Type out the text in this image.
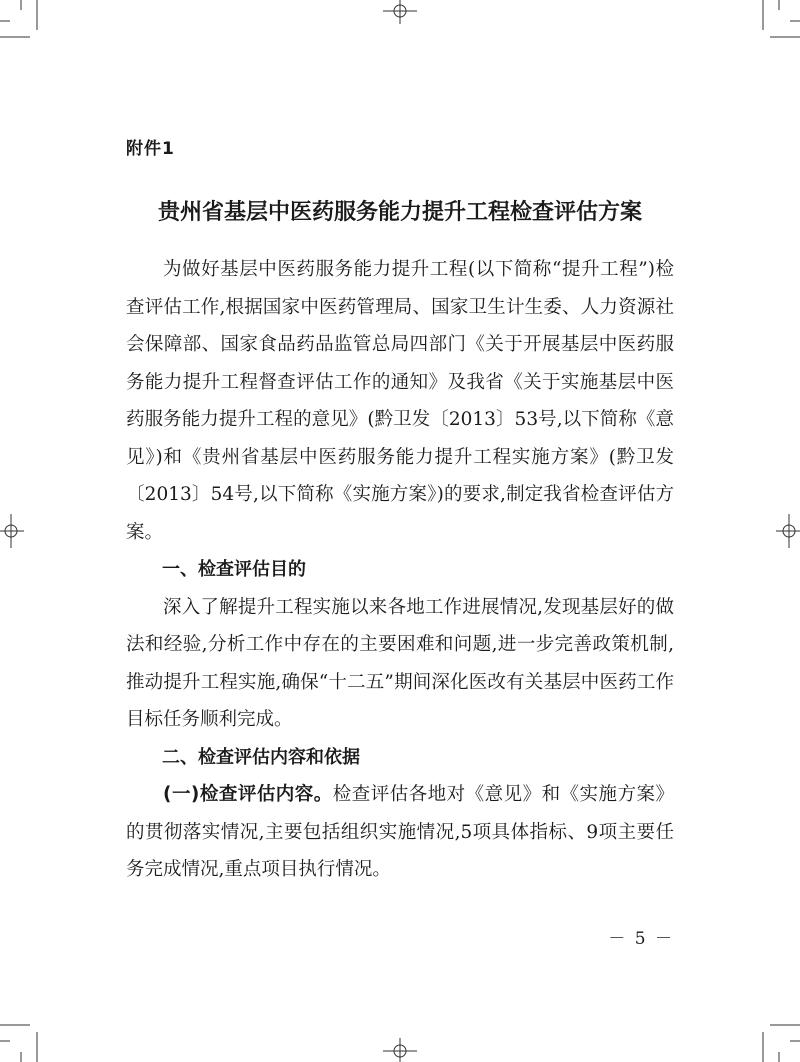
附件1
贵州省基层中医药服务能力提升工程检查评估方案

为做好基层中医药服务能力提升工程(以下简称“提升工程”)检查评估工作,根据国家中医药管理局、国家卫生计生委、人力资源社会保障部、国家食品药品监管总局四部门《关于开展基层中医药服务能力提升工程督查评估工作的通知》及我省《关于实施基层中医药服务能力提升工程的意见》(黔卫发〔2013〕53号,以下简称《意见》)和《贵州省基层中医药服务能力提升工程实施方案》(黔卫发〔2013〕54号,以下简称《实施方案》)的要求,制定我省检查评估方案。

一、检查评估目的

深入了解提升工程实施以来各地工作进展情况,发现基层好的做法和经验,分析工作中存在的主要困难和问题,进一步完善政策机制,推动提升工程实施,确保“十二五”期间深化医改有关基层中医药工作目标任务顺利完成。

二、检查评估内容和依据

(一)检查评估内容。检查评估各地对《意见》和《实施方案》的贯彻落实情况,主要包括组织实施情况,5项具体指标、9项主要任务完成情况,重点项目执行情况。

－ 5 －
